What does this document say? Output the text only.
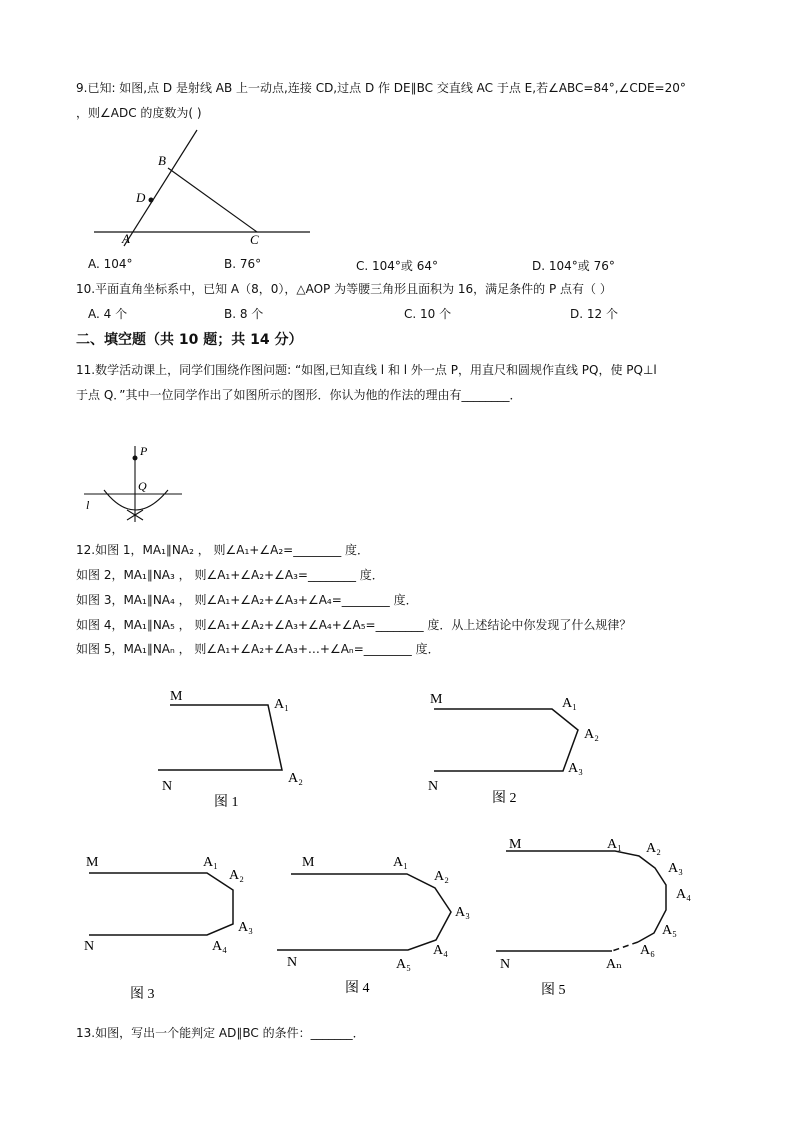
9.已知: 如图,点 D 是射线 AB 上一动点,连接 CD,过点 D 作 DE∥BC 交直线 AC 于点 E,若∠ABC=84°,∠CDE=20°
，则∠ADC 的度数为( )
B
D
A	C
P
Q
l
M
N
A₁
A₂
图 1
M
N
A₁
A₂
A₃
图 2
M
N
A₁
A₂
A₃
A₄
图 3
M
N
A₁
A₂
A₃
A₄
A₅
图 4
M
N
A₁ A₂
A₃
A₄
A₅
A₆
Aₙ
图 5
A. 104°	B. 76°	C. 104°或 64°	D. 104°或 76°
10.平面直角坐标系中，已知 A（8，0），△AOP 为等腰三角形且面积为 16，满足条件的 P 点有（ ）
A. 4 个	B. 8 个	C. 10 个	D. 12 个
二、填空题（共 10 题；共 14 分）
11.数学活动课上，同学们围绕作图问题: “如图,已知直线 l 和 l 外一点 P，用直尺和圆规作直线 PQ，使 PQ⊥l
于点 Q．”其中一位同学作出了如图所示的图形．你认为他的作法的理由有________．
12.如图 1，MA₁∥NA₂ ， 则∠A₁+∠A₂=________ 度．
如图 2，MA₁∥NA₃ ， 则∠A₁+∠A₂+∠A₃=________ 度．
如图 3，MA₁∥NA₄ ， 则∠A₁+∠A₂+∠A₃+∠A₄=________ 度．
如图 4，MA₁∥NA₅ ， 则∠A₁+∠A₂+∠A₃+∠A₄+∠A₅=________ 度．从上述结论中你发现了什么规律？
如图 5，MA₁∥NAₙ ， 则∠A₁+∠A₂+∠A₃+…+∠Aₙ=________ 度．
13.如图，写出一个能判定 AD∥BC 的条件：_______．
